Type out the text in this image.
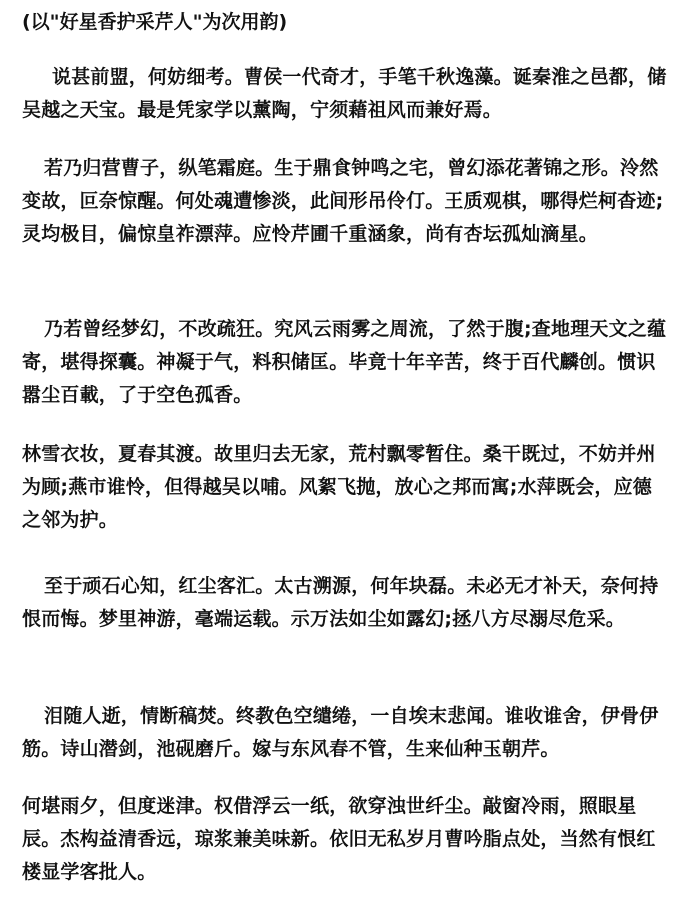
(以"好星香护采芹人"为次用韵)

说甚前盟，何妨细考。曹侯一代奇才，手笔千秋逸藻。诞秦淮之邑都，储吴越之天宝。最是凭家学以薰陶，宁须藉祖风而兼好焉。

若乃归营曹子，纵笔霜庭。生于鼎食钟鸣之宅，曾幻添花著锦之形。泠然变故，叵奈惊醒。何处魂遭惨淡，此间形吊伶仃。王质观棋，哪得烂柯杳迹;灵均极目，偏惊皇祚漂萍。应怜芹圃千重涵象，尚有杏坛孤灿滴星。

乃若曾经梦幻，不改疏狂。究风云雨雾之周流，了然于腹;查地理天文之蕴寄，堪得探囊。神凝于气，料积储匡。毕竟十年辛苦，终于百代麟创。惯识嚣尘百載，了于空色孤香。

林雪衣妆，夏春其渡。故里归去无家，荒村飘零暂住。桑干既过，不妨并州为顾;燕市谁怜，但得越吴以哺。风絮飞抛，放心之邦而寓;水萍既会，应德之邻为护。

至于顽石心知，红尘客汇。太古溯源，何年块磊。未必无才补天，奈何持恨而悔。梦里神游，毫端运载。示万法如尘如露幻;拯八方尽溺尽危采。

泪随人逝，情断稿焚。终教色空缱绻，一自埃末悲闻。谁收谁舍，伊骨伊筋。诗山潜剑，池砚磨斤。嫁与东风春不管，生来仙种玉朝芹。

何堪雨夕，但度迷津。权借浮云一纸，欲穿浊世纤尘。敲窗冷雨，照眼星辰。杰构益清香远，琼浆兼美味新。依旧无私岁月曹吟脂点处，当然有恨红楼显学客批人。
